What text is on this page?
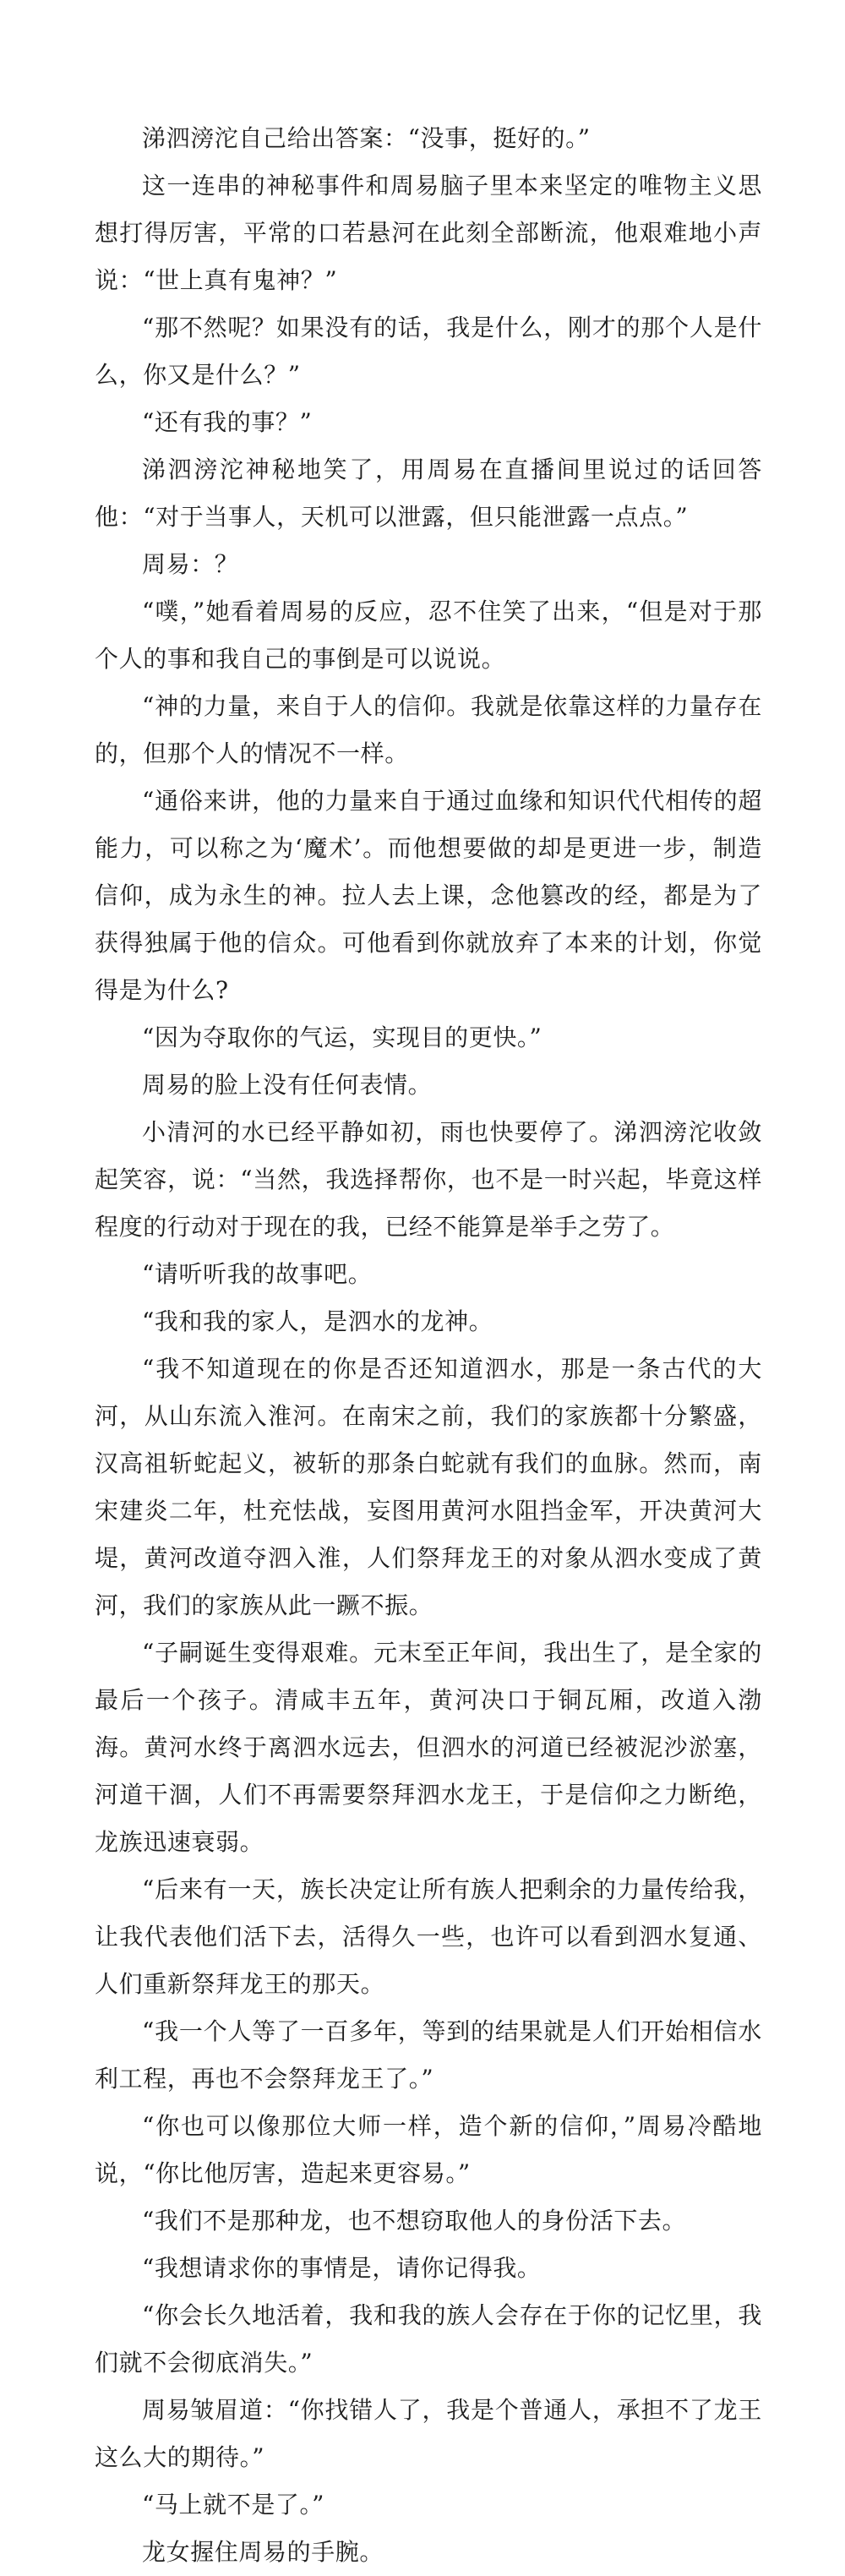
涕泗滂沱自己给出答案：“没事，挺好的。”

这一连串的神秘事件和周易脑子里本来坚定的唯物主义思想打得厉害，平常的口若悬河在此刻全部断流，他艰难地小声说：“世上真有鬼神？”

“那不然呢？如果没有的话，我是什么，刚才的那个人是什么，你又是什么？”

“还有我的事？”

涕泗滂沱神秘地笑了，用周易在直播间里说过的话回答他：“对于当事人，天机可以泄露，但只能泄露一点点。”

周易：？

“噗，”她看着周易的反应，忍不住笑了出来，“但是对于那个人的事和我自己的事倒是可以说说。

“神的力量，来自于人的信仰。我就是依靠这样的力量存在的，但那个人的情况不一样。

“通俗来讲，他的力量来自于通过血缘和知识代代相传的超能力，可以称之为‘魔术’。而他想要做的却是更进一步，制造信仰，成为永生的神。拉人去上课，念他篡改的经，都是为了获得独属于他的信众。可他看到你就放弃了本来的计划，你觉得是为什么?

“因为夺取你的气运，实现目的更快。”

周易的脸上没有任何表情。

小清河的水已经平静如初，雨也快要停了。涕泗滂沱收敛起笑容，说：“当然，我选择帮你，也不是一时兴起，毕竟这样程度的行动对于现在的我，已经不能算是举手之劳了。

“请听听我的故事吧。

“我和我的家人，是泗水的龙神。

“我不知道现在的你是否还知道泗水，那是一条古代的大河，从山东流入淮河。在南宋之前，我们的家族都十分繁盛，汉高祖斩蛇起义，被斩的那条白蛇就有我们的血脉。然而，南宋建炎二年，杜充怯战，妄图用黄河水阻挡金军，开决黄河大堤，黄河改道夺泗入淮，人们祭拜龙王的对象从泗水变成了黄河，我们的家族从此一蹶不振。

“子嗣诞生变得艰难。元末至正年间，我出生了，是全家的最后一个孩子。清咸丰五年，黄河决口于铜瓦厢，改道入渤海。黄河水终于离泗水远去，但泗水的河道已经被泥沙淤塞，河道干涸，人们不再需要祭拜泗水龙王，于是信仰之力断绝，龙族迅速衰弱。

“后来有一天，族长决定让所有族人把剩余的力量传给我，让我代表他们活下去，活得久一些，也许可以看到泗水复通、人们重新祭拜龙王的那天。

“我一个人等了一百多年，等到的结果就是人们开始相信水利工程，再也不会祭拜龙王了。”

“你也可以像那位大师一样，造个新的信仰，”周易冷酷地说，“你比他厉害，造起来更容易。”

“我们不是那种龙，也不想窃取他人的身份活下去。

“我想请求你的事情是，请你记得我。

“你会长久地活着，我和我的族人会存在于你的记忆里，我们就不会彻底消失。”

周易皱眉道：“你找错人了，我是个普通人，承担不了龙王这么大的期待。”

“马上就不是了。”

龙女握住周易的手腕。
